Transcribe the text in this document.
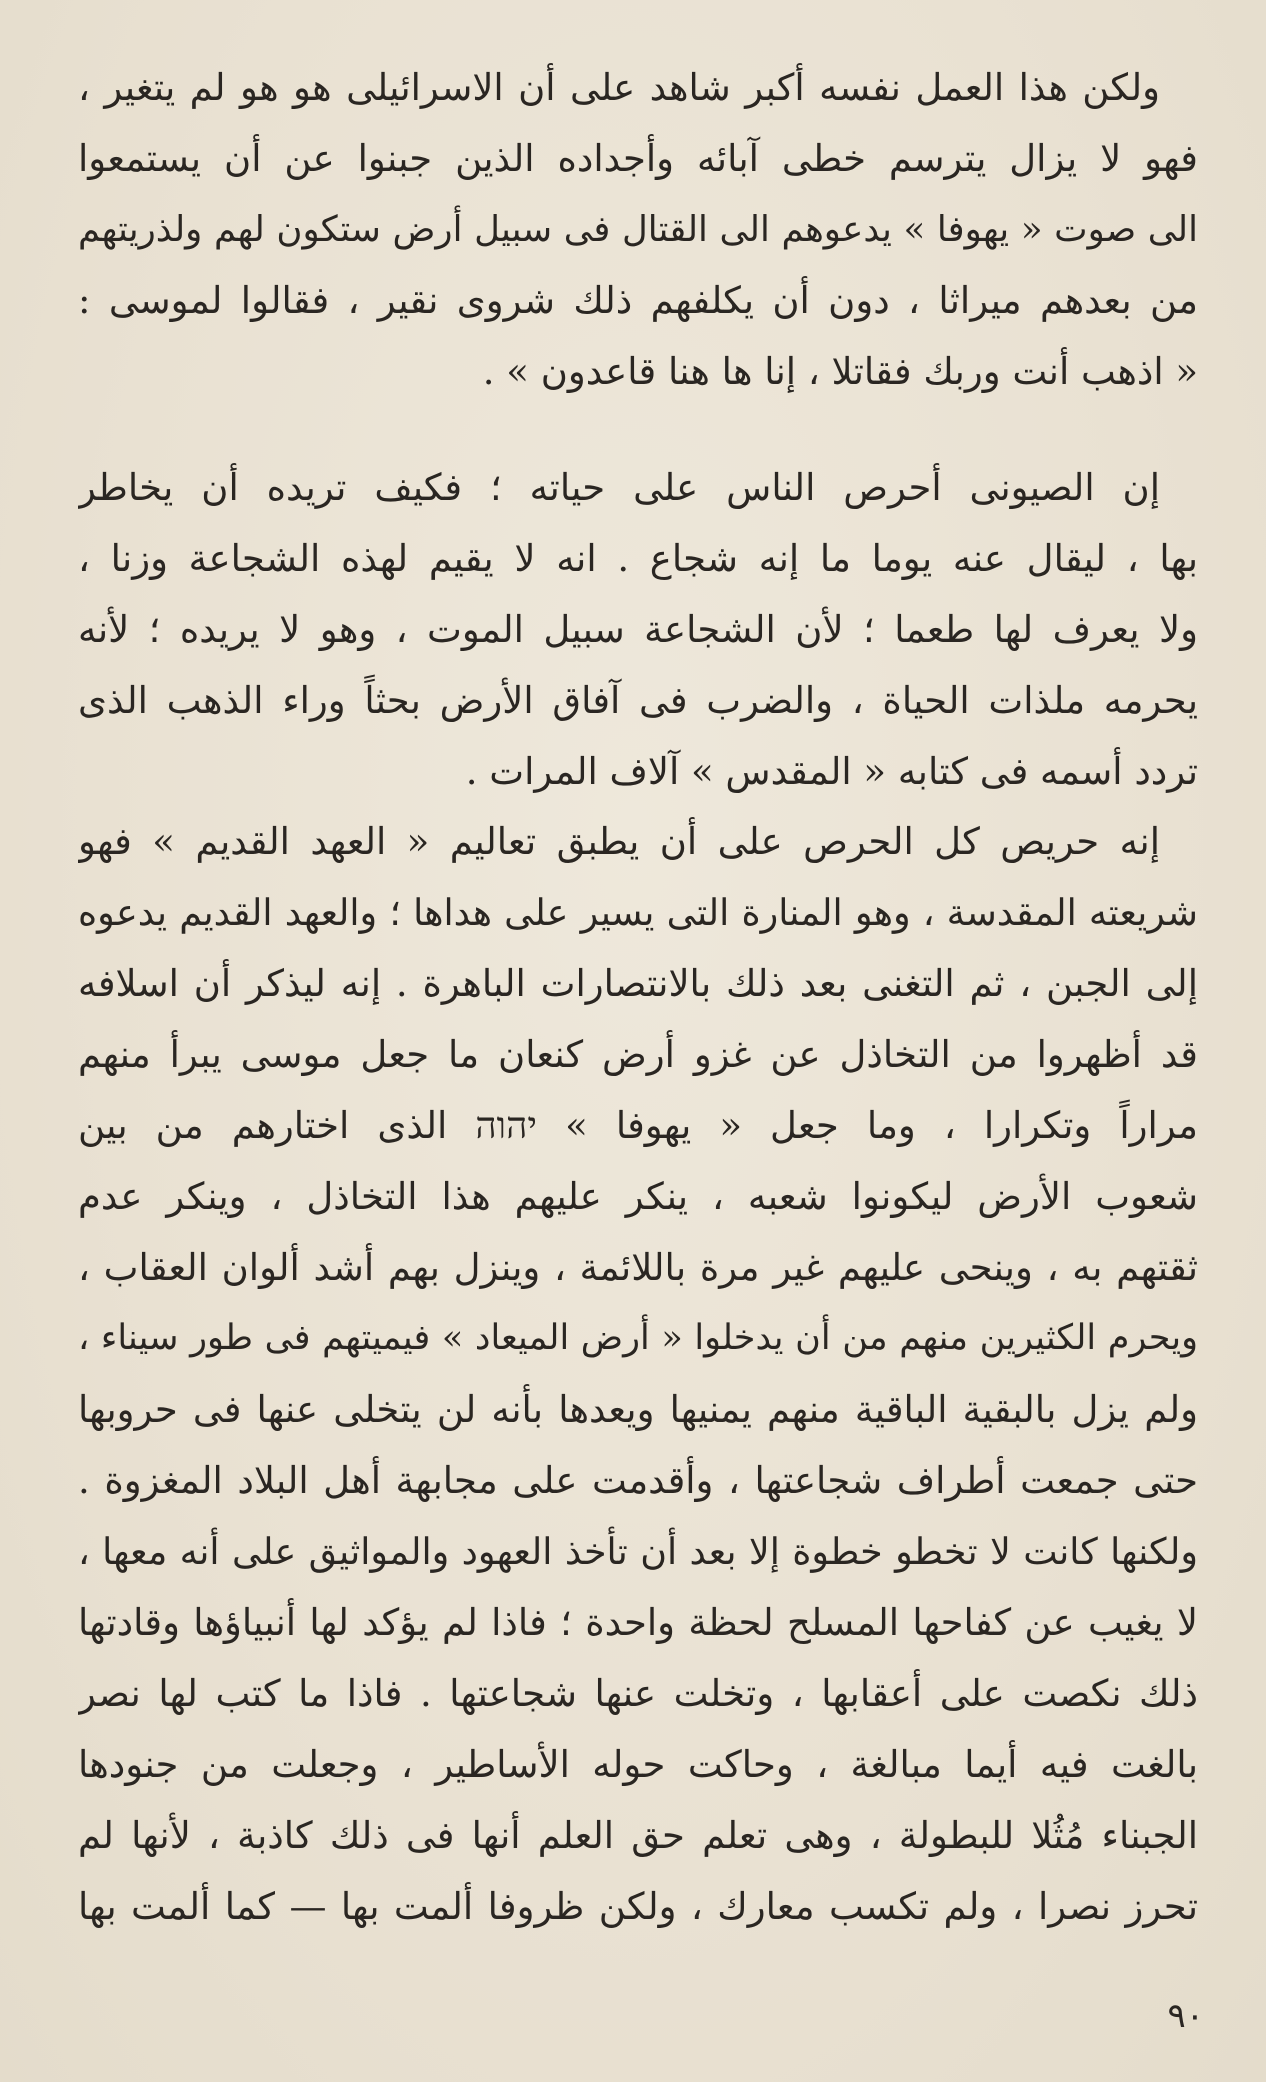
ولكن هذا العمل نفسه أكبر شاهد على أن الاسرائيلى هو هو لم يتغير ،
فهو لا يزال يترسم خطى آبائه وأجداده الذين جبنوا عن أن يستمعوا
الى صوت « يهوفا » يدعوهم الى القتال فى سبيل أرض ستكون لهم ولذريتهم
من بعدهم ميراثا ، دون أن يكلفهم ذلك شروى نقير ، فقالوا لموسى :
« اذهب أنت وربك فقاتلا ، إنا ها هنا قاعدون » .
إن الصيونى أحرص الناس على حياته ؛ فكيف تريده أن يخاطر
بها ، ليقال عنه يوما ما إنه شجاع . انه لا يقيم لهذه الشجاعة وزنا ،
ولا يعرف لها طعما ؛ لأن الشجاعة سبيل الموت ، وهو لا يريده ؛ لأنه
يحرمه ملذات الحياة ، والضرب فى آفاق الأرض بحثاً وراء الذهب الذى
تردد أسمه فى كتابه « المقدس » آلاف المرات .
إنه حريص كل الحرص على أن يطبق تعاليم « العهد القديم » فهو
شريعته المقدسة ، وهو المنارة التى يسير على هداها ؛ والعهد القديم يدعوه
إلى الجبن ، ثم التغنى بعد ذلك بالانتصارات الباهرة . إنه ليذكر أن اسلافه
قد أظهروا من التخاذل عن غزو أرض كنعان ما جعل موسى يبرأ منهم
مراراً وتكرارا ، وما جعل « يهوفا » יהוה الذى اختارهم من بين
شعوب الأرض ليكونوا شعبه ، ينكر عليهم هذا التخاذل ، وينكر عدم
ثقتهم به ، وينحى عليهم غير مرة باللائمة ، وينزل بهم أشد ألوان العقاب ،
ويحرم الكثيرين منهم من أن يدخلوا « أرض الميعاد » فيميتهم فى طور سيناء ،
ولم يزل بالبقية الباقية منهم يمنيها ويعدها بأنه لن يتخلى عنها فى حروبها
حتى جمعت أطراف شجاعتها ، وأقدمت على مجابهة أهل البلاد المغزوة .
ولكنها كانت لا تخطو خطوة إلا بعد أن تأخذ العهود والمواثيق على أنه معها ،
لا يغيب عن كفاحها المسلح لحظة واحدة ؛ فاذا لم يؤكد لها أنبياؤها وقادتها
ذلك نكصت على أعقابها ، وتخلت عنها شجاعتها . فاذا ما كتب لها نصر
بالغت فيه أيما مبالغة ، وحاكت حوله الأساطير ، وجعلت من جنودها
الجبناء مُثُلا للبطولة ، وهى تعلم حق العلم أنها فى ذلك كاذبة ، لأنها لم
تحرز نصرا ، ولم تكسب معارك ، ولكن ظروفا ألمت بها — كما ألمت بها
٩٠
